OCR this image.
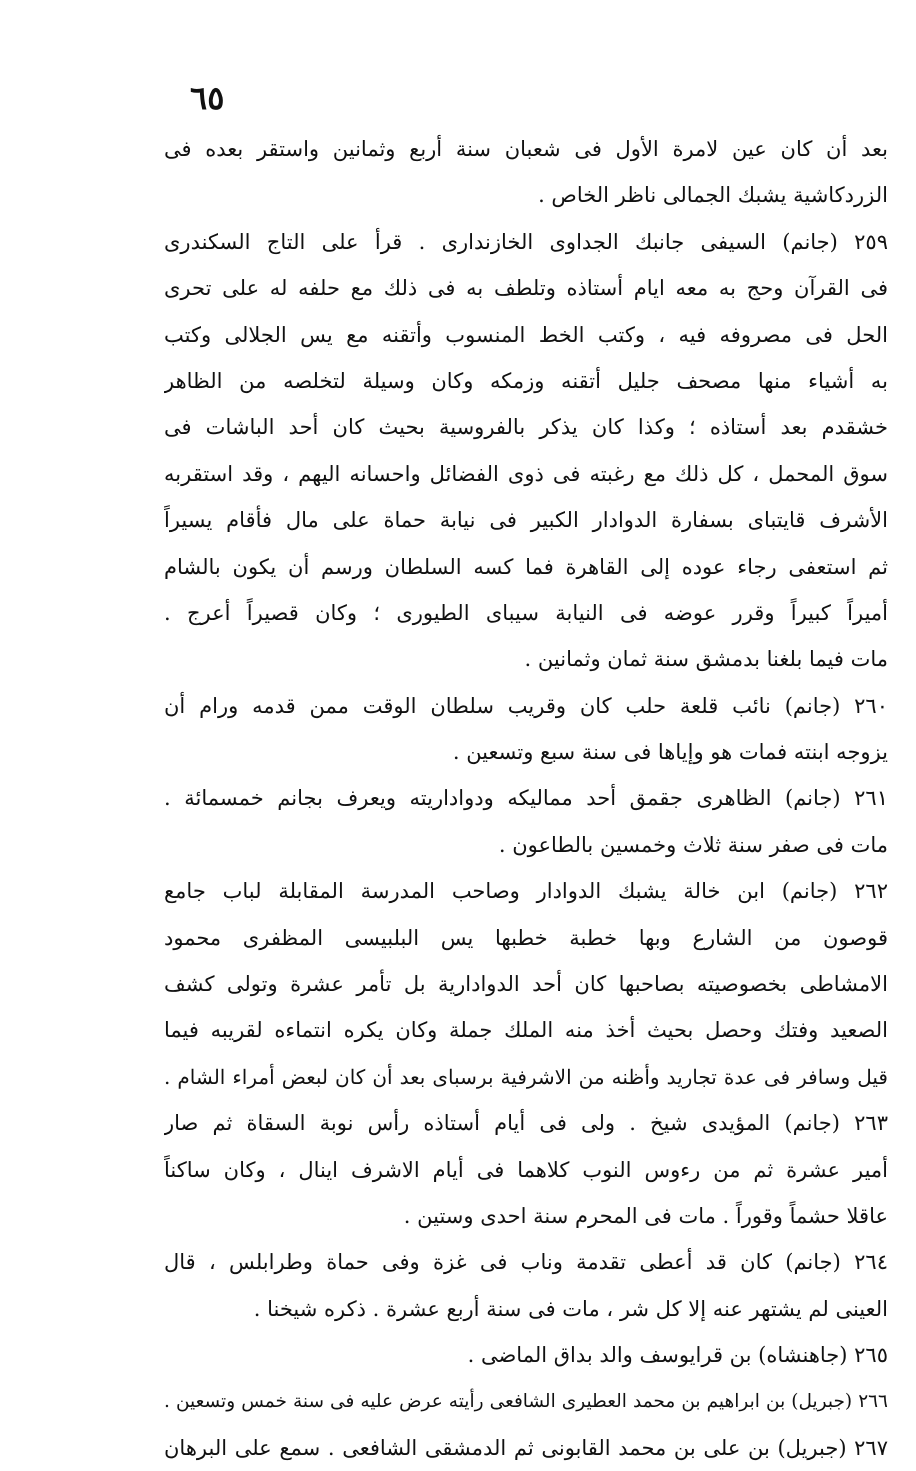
٦٥
بعد أن كان عين لامرة الأول فى شعبان سنة أربع وثمانين واستقر بعده فى
الزردكاشية يشبك الجمالى ناظر الخاص .
٢٥٩ (جانم) السيفى جانبك الجداوى الخازندارى . قرأ على التاج السكندرى
فى القرآن وحج به معه ايام أستاذه وتلطف به فى ذلك مع حلفه له على تحرى
الحل فى مصروفه فيه ، وكتب الخط المنسوب وأتقنه مع يس الجلالى وكتب
به أشياء منها مصحف جليل أتقنه وزمكه وكان وسيلة لتخلصه من الظاهر
خشقدم بعد أستاذه ؛ وكذا كان يذكر بالفروسية بحيث كان أحد الباشات فى
سوق المحمل ، كل ذلك مع رغبته فى ذوى الفضائل واحسانه اليهم ، وقد استقربه
الأشرف قايتباى بسفارة الدوادار الكبير فى نيابة حماة على مال فأقام يسيراً
ثم استعفى رجاء عوده إلى القاهرة فما كسه السلطان ورسم أن يكون بالشام
أميراً كبيراً وقرر عوضه فى النيابة سيباى الطيورى ؛ وكان قصيراً أعرج .
مات فيما بلغنا بدمشق سنة ثمان وثمانين .
٢٦٠ (جانم) نائب قلعة حلب كان وقريب سلطان الوقت ممن قدمه ورام أن
يزوجه ابنته فمات هو وإياها فى سنة سبع وتسعين .
٢٦١ (جانم) الظاهرى جقمق أحد مماليكه ودواداريته ويعرف بجانم خمسمائة .
مات فى صفر سنة ثلاث وخمسين بالطاعون .
٢٦٢ (جانم) ابن خالة يشبك الدوادار وصاحب المدرسة المقابلة لباب جامع
قوصون من الشارع وبها خطبة خطبها يس البلبيسى المظفرى محمود
الامشاطى بخصوصيته بصاحبها كان أحد الدوادارية بل تأمر عشرة وتولى كشف
الصعيد وفتك وحصل بحيث أخذ منه الملك جملة وكان يكره انتماءه لقريبه فيما
قيل وسافر فى عدة تجاريد وأظنه من الاشرفية برسباى بعد أن كان لبعض أمراء الشام .
٢٦٣ (جانم) المؤيدى شيخ . ولى فى أيام أستاذه رأس نوبة السقاة ثم صار
أمير عشرة ثم من رءوس النوب كلاهما فى أيام الاشرف اينال ، وكان ساكناً
عاقلا حشماً وقوراً . مات فى المحرم سنة احدى وستين .
٢٦٤ (جانم) كان قد أعطى تقدمة وناب فى غزة وفى حماة وطرابلس ، قال
العينى لم يشتهر عنه إلا كل شر ، مات فى سنة أربع عشرة . ذكره شيخنا .
٢٦٥ (جاهنشاه) بن قرايوسف والد بداق الماضى .
٢٦٦ (جبريل) بن ابراهيم بن محمد العطيرى الشافعى رأيته عرض عليه فى سنة خمس وتسعين .
٢٦٧ (جبريل) بن على بن محمد القابونى ثم الدمشقى الشافعى . سمع على البرهان
